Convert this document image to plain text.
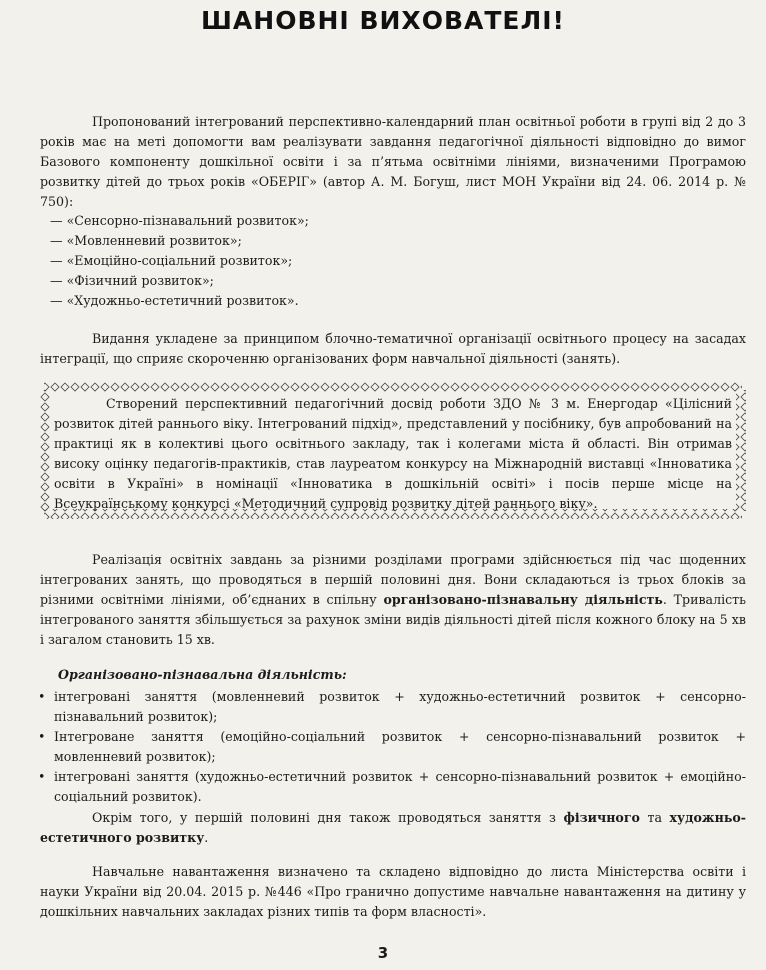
ШАНОВНІ ВИХОВАТЕЛІ!

Пропонований інтегрований перспективно-календарний план освітньої роботи в групі від 2 до 3 років має на меті допомогти вам реалізувати завдання педагогічної діяльності відповідно до вимог Базового компоненту дошкільної освіти і за п’ятьма освітніми лініями, визначеними Програмою розвитку дітей до трьох років «ОБЕРІГ» (автор А. М. Богуш, лист МОН України від 24. 06. 2014 р. № 750):

— «Сенсорно-пізнавальний розвиток»;
— «Мовленневий розвиток»;
— «Емоційно-соціальний розвиток»;
— «Фізичний розвиток»;
— «Художньо-естетичний розвиток».

Видання укладене за принципом блочно-тематичної організації освітнього процесу на засадах інтеграції, що сприяє скороченню організованих форм навчальної діяльності (занять).

Створений перспективний педагогічний досвід роботи ЗДО № 3 м. Енергодар «Цілісний розвиток дітей раннього віку. Інтегрований підхід», представлений у посібнику, був апробований на практиці як в колективі цього освітнього закладу, так і колегами міста й області. Він отримав високу оцінку педагогів-практиків, став лауреатом конкурсу на Міжнародній виставці «Інноватика освіти в Україні» в номінації «Інноватика в дошкільній освіті» і посів перше місце на Всеукраїнському конкурсі «Методичний супровід розвитку дітей раннього віку».

Реалізація освітніх завдань за різними розділами програми здійснюється під час щоденних інтегрованих занять, що проводяться в першій половині дня. Вони складаються із трьох блоків за різними освітніми лініями, об’єднаних в спільну організовано-пізнавальну діяльність. Тривалість інтегрованого заняття збільшується за рахунок зміни видів діяльності дітей після кожного блоку на 5 хв і загалом становить 15 хв.

Організовано-пізнавальна діяльність:
• інтегровані заняття (мовленневий розвиток + художньо-естетичний розвиток + сенсорно-пізнавальний розвиток);
• Інтегроване заняття (емоційно-соціальний розвиток + сенсорно-пізнавальний розвиток + мовленневий розвиток);
• інтегровані заняття (художньо-естетичний розвиток + сенсорно-пізнавальний розвиток + емоційно-соціальний розвиток).

Окрім того, у першій половині дня також проводяться заняття з фізичного та художньо-естетичного розвитку.

Навчальне навантаження визначено та складено відповідно до листа Міністерства освіти і науки України від 20.04. 2015 р. №446 «Про гранично допустиме навчальне навантаження на дитину у дошкільних навчальних закладах різних типів та форм власності».

3
